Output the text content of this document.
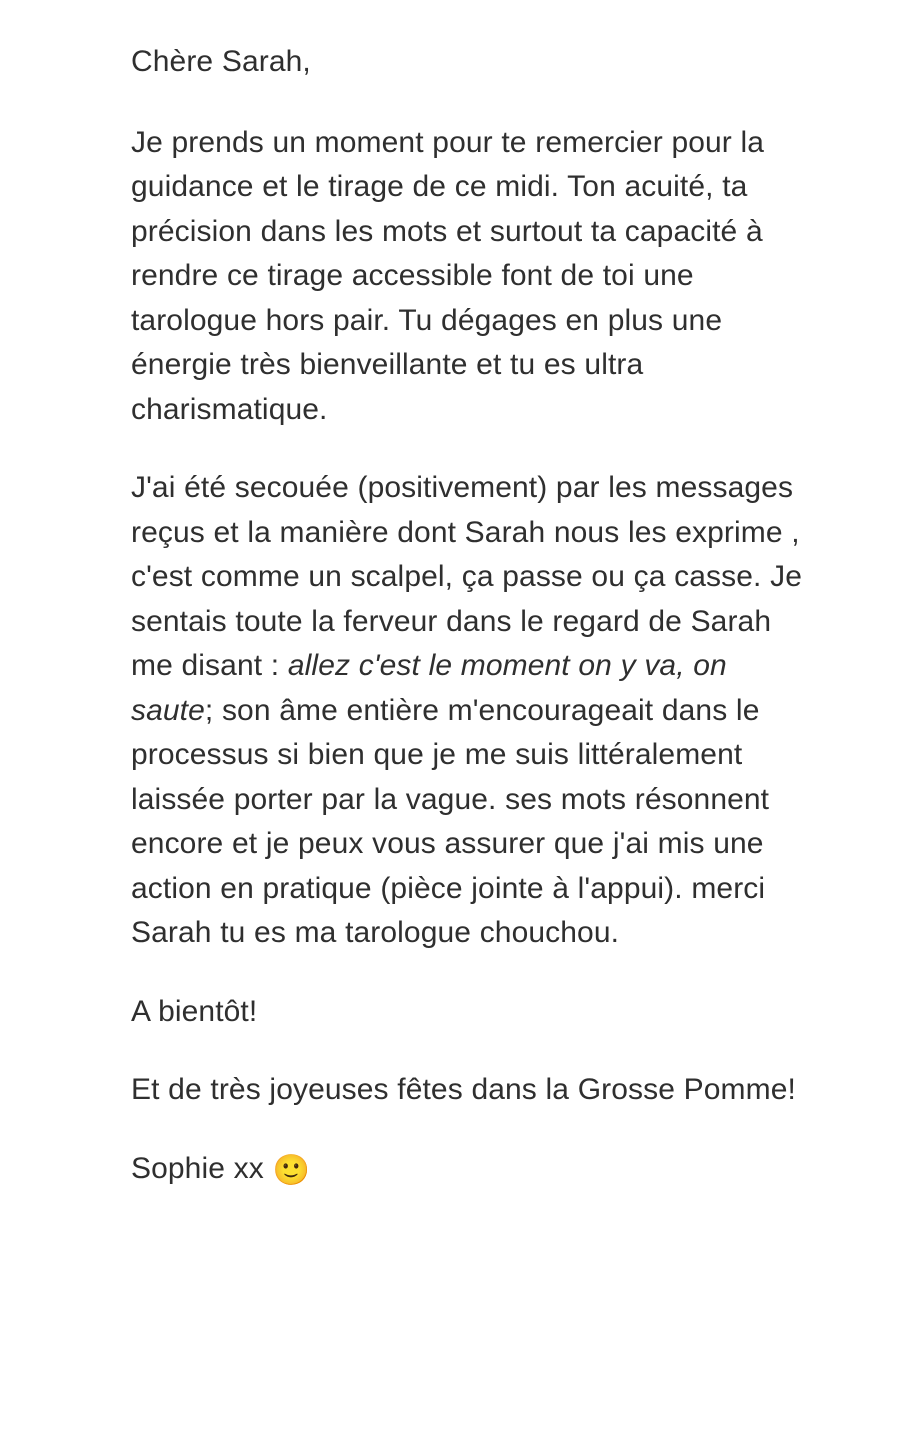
Chère Sarah,

Je prends un moment pour te remercier pour la guidance et le tirage de ce midi. Ton acuité, ta précision dans les mots et surtout ta capacité à rendre ce tirage accessible font de toi une tarologue hors pair. Tu dégages en plus une énergie très bienveillante et tu es ultra charismatique.

J'ai été secouée (positivement) par les messages reçus et la manière dont Sarah nous les exprime , c'est comme un scalpel, ça passe ou ça casse. Je sentais toute la ferveur dans le regard de Sarah me disant : allez c'est le moment on y va, on saute; son âme entière m'encourageait dans le processus si bien que je me suis littéralement laissée porter par la vague. ses mots résonnent encore et je peux vous assurer que j'ai mis une action en pratique (pièce jointe à l'appui). merci Sarah tu es ma tarologue chouchou.

A bientôt!

Et de très joyeuses fêtes dans la Grosse Pomme!

Sophie xx 🙂
